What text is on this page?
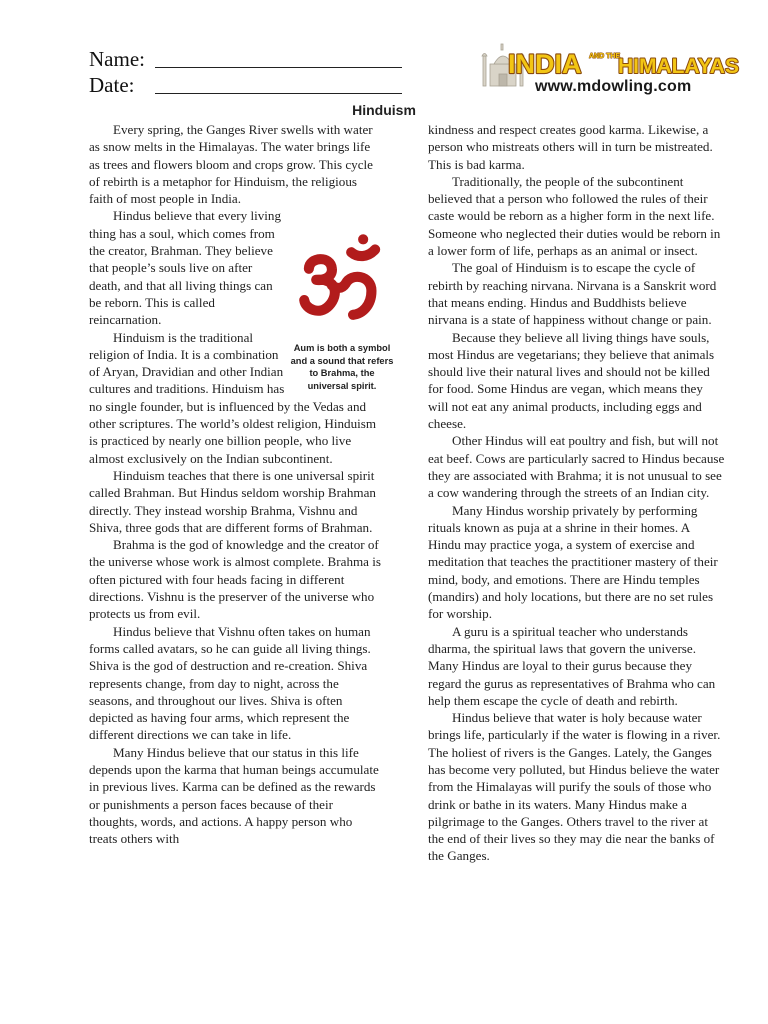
Name:
Date:
INDIA AND THE
HIMALAYAS
www.mdowling.com
Hinduism

Every spring, the Ganges River swells with water as snow melts in the Himalayas. The water brings life as trees and flowers bloom and crops grow. This cycle of rebirth is a metaphor for Hinduism, the religious faith of most people in India.

Aum is both a symbol and a sound that refers to Brahma, the universal spirit.

Hindus believe that every living thing has a soul, which comes from the creator, Brahman. They believe that people’s souls live on after death, and that all living things can be reborn. This is called reincarnation.

Hinduism is the traditional religion of India. It is a combination of Aryan, Dravidian and other Indian cultures and traditions. Hinduism has no single founder, but is influenced by the Vedas and other scriptures. The world’s oldest religion, Hinduism is practiced by nearly one billion people, who live almost exclusively on the Indian subcontinent.

Hinduism teaches that there is one universal spirit called Brahman. But Hindus seldom worship Brahman directly. They instead worship Brahma, Vishnu and Shiva, three gods that are different forms of Brahman.

Brahma is the god of knowledge and the creator of the universe whose work is almost complete. Brahma is often pictured with four heads facing in different directions. Vishnu is the preserver of the universe who protects us from evil.

Hindus believe that Vishnu often takes on human forms called avatars, so he can guide all living things. Shiva is the god of destruction and re-creation. Shiva represents change, from day to night, across the seasons, and throughout our lives. Shiva is often depicted as having four arms, which represent the different directions we can take in life.

Many Hindus believe that our status in this life depends upon the karma that human beings accumulate in previous lives. Karma can be defined as the rewards or punishments a person faces because of their thoughts, words, and actions. A happy person who treats others with

kindness and respect creates good karma. Likewise, a person who mistreats others will in turn be mistreated. This is bad karma.

Traditionally, the people of the subcontinent believed that a person who followed the rules of their caste would be reborn as a higher form in the next life. Someone who neglected their duties would be reborn in a lower form of life, perhaps as an animal or insect.

The goal of Hinduism is to escape the cycle of rebirth by reaching nirvana. Nirvana is a Sanskrit word that means ending. Hindus and Buddhists believe nirvana is a state of happiness without change or pain.

Because they believe all living things have souls, most Hindus are vegetarians; they believe that animals should live their natural lives and should not be killed for food. Some Hindus are vegan, which means they will not eat any animal products, including eggs and cheese.

Other Hindus will eat poultry and fish, but will not eat beef. Cows are particularly sacred to Hindus because they are associated with Brahma; it is not unusual to see a cow wandering through the streets of an Indian city.

Many Hindus worship privately by performing rituals known as puja at a shrine in their homes. A Hindu may practice yoga, a system of exercise and meditation that teaches the practitioner mastery of their mind, body, and emotions. There are Hindu temples (mandirs) and holy locations, but there are no set rules for worship.

A guru is a spiritual teacher who understands dharma, the spiritual laws that govern the universe. Many Hindus are loyal to their gurus because they regard the gurus as representatives of Brahma who can help them escape the cycle of death and rebirth.

Hindus believe that water is holy because water brings life, particularly if the water is flowing in a river. The holiest of rivers is the Ganges. Lately, the Ganges has become very polluted, but Hindus believe the water from the Himalayas will purify the souls of those who drink or bathe in its waters. Many Hindus make a pilgrimage to the Ganges. Others travel to the river at the end of their lives so they may die near the banks of the Ganges.
